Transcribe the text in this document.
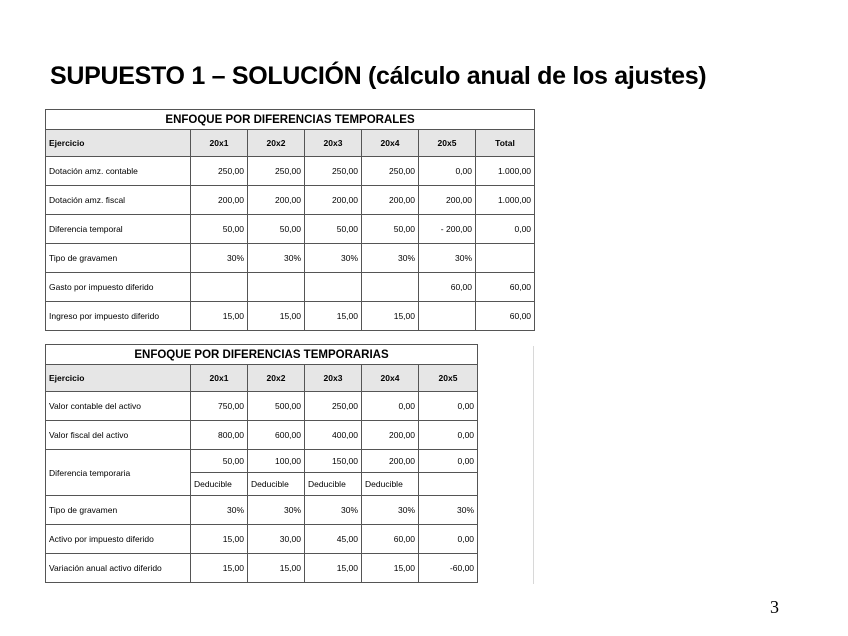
SUPUESTO 1 – SOLUCIÓN (cálculo anual de los ajustes)
ENFOQUE POR DIFERENCIAS TEMPORALES						
Ejercicio	20x1	20x2	20x3	20x4	20x5	Total
Dotación amz. contable	250,00	250,00	250,00	250,00	0,00	1.000,00
Dotación amz. fiscal	200,00	200,00	200,00	200,00	200,00	1.000,00
Diferencia temporal	50,00	50,00	50,00	50,00	- 200,00	0,00
Tipo de gravamen	30%	30%	30%	30%	30%	
Gasto por impuesto diferido					60,00	60,00
Ingreso por impuesto diferido	15,00	15,00	15,00	15,00		60,00
ENFOQUE POR DIFERENCIAS TEMPORARIAS					
Ejercicio	20x1	20x2	20x3	20x4	20x5
Valor contable del activo	750,00	500,00	250,00	0,00	0,00
Valor fiscal del activo	800,00	600,00	400,00	200,00	0,00
Diferencia temporaria	50,00	100,00	150,00	200,00	0,00
	Deducible	Deducible	Deducible	Deducible	
Tipo de gravamen	30%	30%	30%	30%	30%
Activo por impuesto diferido	15,00	30,00	45,00	60,00	0,00
Variación anual activo diferido	15,00	15,00	15,00	15,00	-60,00
3
